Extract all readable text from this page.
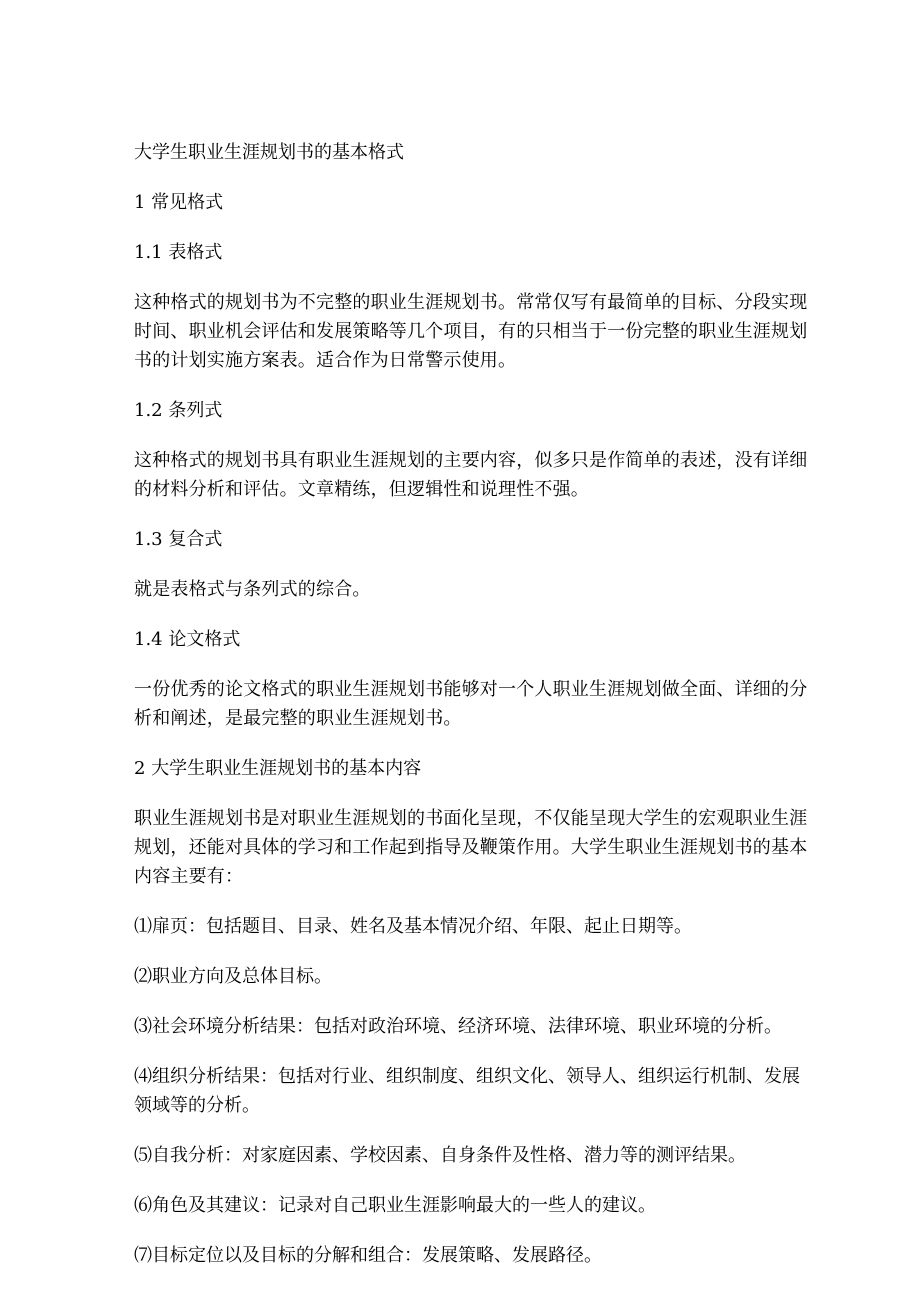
大学生职业生涯规划书的基本格式

1 常见格式

1.1 表格式

这种格式的规划书为不完整的职业生涯规划书。常常仅写有最简单的目标、分段实现时间、职业机会评估和发展策略等几个项目，有的只相当于一份完整的职业生涯规划书的计划实施方案表。适合作为日常警示使用。

1.2 条列式

这种格式的规划书具有职业生涯规划的主要内容，似多只是作简单的表述，没有详细的材料分析和评估。文章精练，但逻辑性和说理性不强。

1.3 复合式

就是表格式与条列式的综合。

1.4 论文格式

一份优秀的论文格式的职业生涯规划书能够对一个人职业生涯规划做全面、详细的分析和阐述，是最完整的职业生涯规划书。

2 大学生职业生涯规划书的基本内容

职业生涯规划书是对职业生涯规划的书面化呈现，不仅能呈现大学生的宏观职业生涯规划，还能对具体的学习和工作起到指导及鞭策作用。大学生职业生涯规划书的基本内容主要有：

⑴扉页：包括题目、目录、姓名及基本情况介绍、年限、起止日期等。

⑵职业方向及总体目标。

⑶社会环境分析结果：包括对政治环境、经济环境、法律环境、职业环境的分析。

⑷组织分析结果：包括对行业、组织制度、组织文化、领导人、组织运行机制、发展领域等的分析。

⑸自我分析：对家庭因素、学校因素、自身条件及性格、潜力等的测评结果。

⑹角色及其建议：记录对自己职业生涯影响最大的一些人的建议。

⑺目标定位以及目标的分解和组合：发展策略、发展路径。
